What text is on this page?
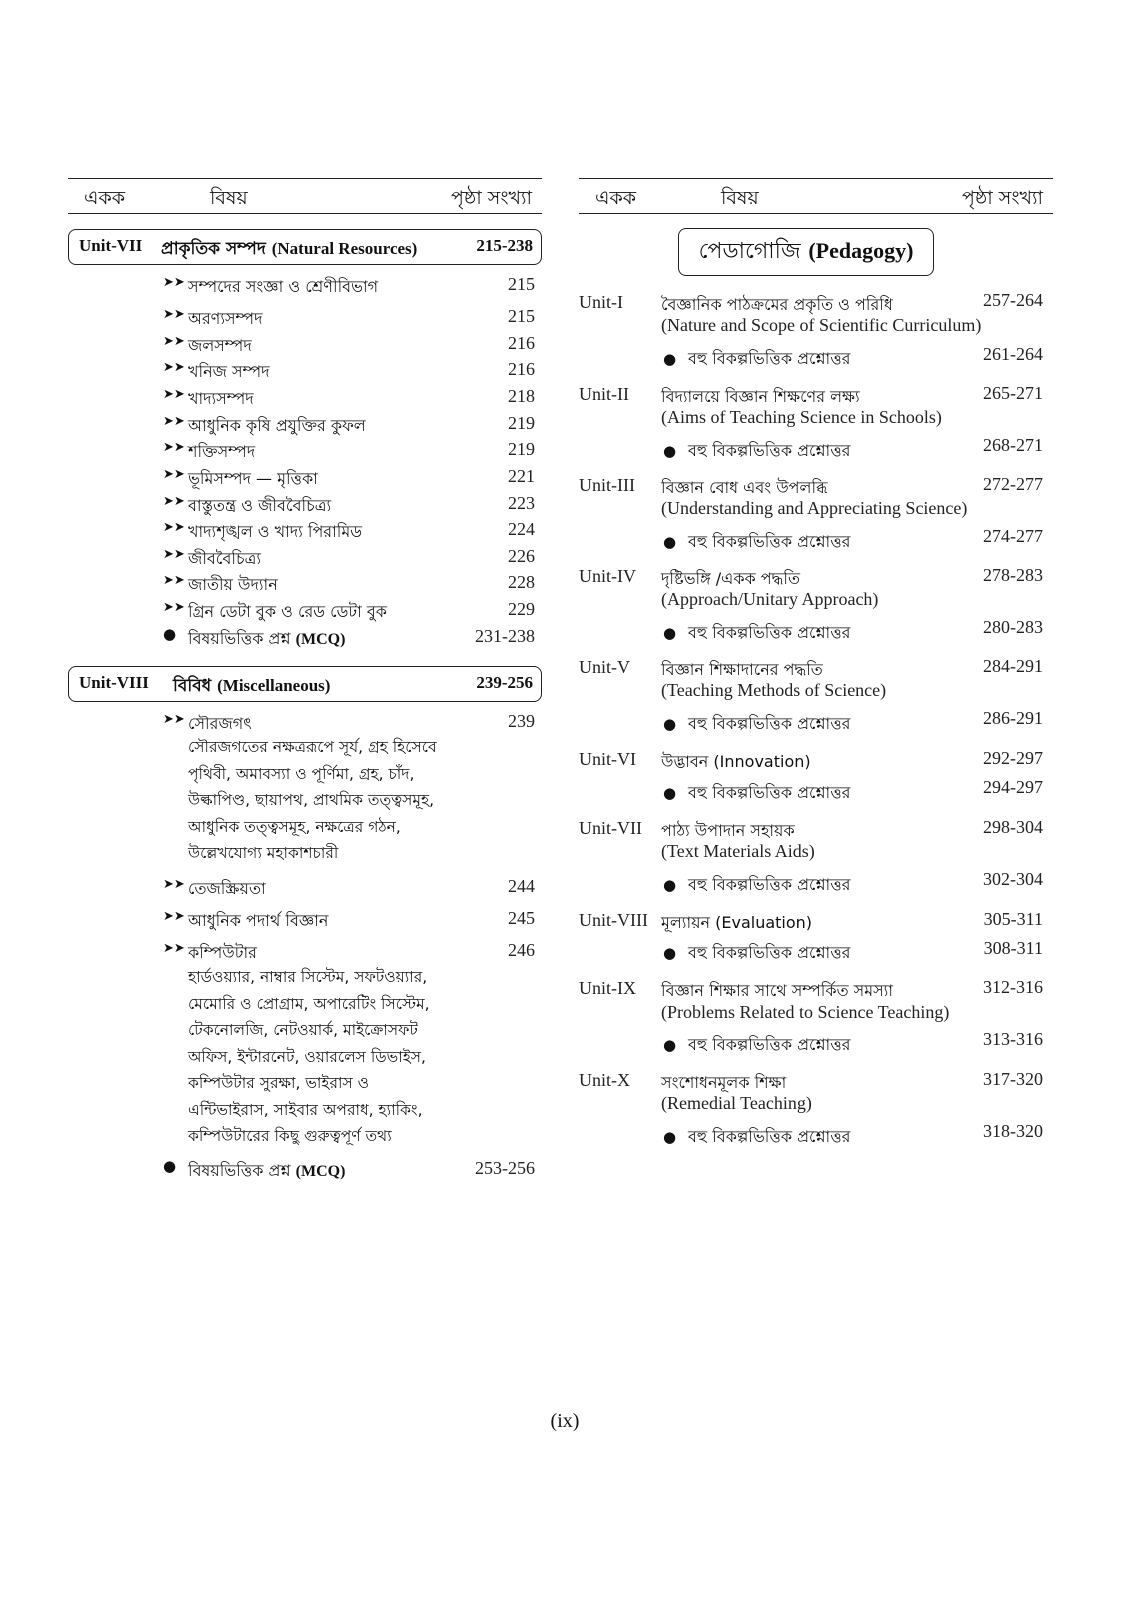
একক	বিষয়	পৃষ্ঠা সংখ্যা
Unit-VII প্রাকৃতিক সম্পদ (Natural Resources)	215-238
➤➤ সম্পদের সংজ্ঞা ও শ্রেণীবিভাগ	215
➤➤ অরণ্যসম্পদ	215
➤➤ জলসম্পদ	216
➤➤ খনিজ সম্পদ	216
➤➤ খাদ্যসম্পদ	218
➤➤ আধুনিক কৃষি প্রযুক্তির কুফল	219
➤➤ শক্তিসম্পদ	219
➤➤ ভূমিসম্পদ — মৃত্তিকা	221
➤➤ বাস্তুতন্ত্র ও জীববৈচিত্র্য	223
➤➤ খাদ্যশৃঙ্খল ও খাদ্য পিরামিড	224
➤➤ জীববৈচিত্র্য	226
➤➤ জাতীয় উদ্যান	228
➤➤ গ্রিন ডেটা বুক ও রেড ডেটা বুক	229
● বিষয়ভিত্তিক প্রশ্ন (MCQ)	231-238
Unit-VIII বিবিধ (Miscellaneous)	239-256
➤➤ সৌরজগৎ	239
সৌরজগতের নক্ষত্ররূপে সূর্য, গ্রহ হিসেবে
পৃথিবী, অমাবস্যা ও পূর্ণিমা, গ্রহ, চাঁদ,
উল্কাপিণ্ড, ছায়াপথ, প্রাথমিক তত্ত্বসমূহ,
আধুনিক তত্ত্বসমূহ, নক্ষত্রের গঠন,
উল্লেখযোগ্য মহাকাশচারী
➤➤ তেজস্ক্রিয়তা	244
➤➤ আধুনিক পদার্থ বিজ্ঞান	245
➤➤ কম্পিউটার	246
হার্ডওয়্যার, নাম্বার সিস্টেম, সফটওয়্যার,
মেমোরি ও প্রোগ্রাম, অপারেটিং সিস্টেম,
টেকনোলজি, নেটওয়ার্ক, মাইক্রোসফট
অফিস, ইন্টারনেট, ওয়ারলেস ডিভাইস,
কম্পিউটার সুরক্ষা, ভাইরাস ও
এন্টিভাইরাস, সাইবার অপরাধ, হ্যাকিং,
কম্পিউটারের কিছু গুরুত্বপূর্ণ তথ্য
● বিষয়ভিত্তিক প্রশ্ন (MCQ)	253-256
একক	বিষয়	পৃষ্ঠা সংখ্যা
পেডাগোজি (Pedagogy)
Unit-I বৈজ্ঞানিক পাঠক্রমের প্রকৃতি ও পরিধি	257-264
(Nature and Scope of Scientific Curriculum)
● বহু বিকল্পভিত্তিক প্রশ্নোত্তর	261-264
Unit-II বিদ্যালয়ে বিজ্ঞান শিক্ষণের লক্ষ্য	265-271
(Aims of Teaching Science in Schools)
● বহু বিকল্পভিত্তিক প্রশ্নোত্তর	268-271
Unit-III বিজ্ঞান বোধ এবং উপলব্ধি	272-277
(Understanding and Appreciating Science)
● বহু বিকল্পভিত্তিক প্রশ্নোত্তর	274-277
Unit-IV দৃষ্টিভঙ্গি /একক পদ্ধতি	278-283
(Approach/Unitary Approach)
● বহু বিকল্পভিত্তিক প্রশ্নোত্তর	280-283
Unit-V বিজ্ঞান শিক্ষাদানের পদ্ধতি	284-291
(Teaching Methods of Science)
● বহু বিকল্পভিত্তিক প্রশ্নোত্তর	286-291
Unit-VI উদ্ভাবন (Innovation)	292-297
● বহু বিকল্পভিত্তিক প্রশ্নোত্তর	294-297
Unit-VII পাঠ্য উপাদান সহায়ক	298-304
(Text Materials Aids)
● বহু বিকল্পভিত্তিক প্রশ্নোত্তর	302-304
Unit-VIII মূল্যায়ন (Evaluation)	305-311
● বহু বিকল্পভিত্তিক প্রশ্নোত্তর	308-311
Unit-IX বিজ্ঞান শিক্ষার সাথে সম্পর্কিত সমস্যা	312-316
(Problems Related to Science Teaching)
● বহু বিকল্পভিত্তিক প্রশ্নোত্তর	313-316
Unit-X সংশোধনমূলক শিক্ষা	317-320
(Remedial Teaching)
● বহু বিকল্পভিত্তিক প্রশ্নোত্তর	318-320
(ix)
